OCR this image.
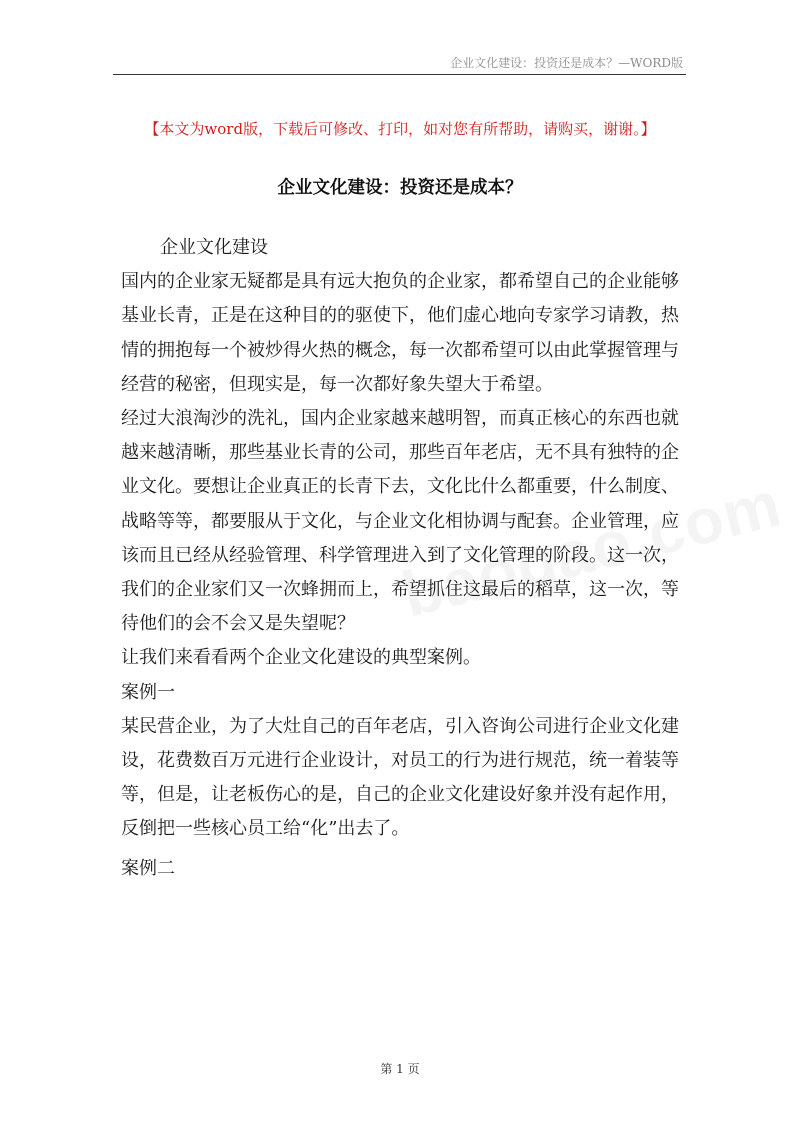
企业文化建设：投资还是成本？—WORD版
【本文为word版，下载后可修改、打印，如对您有所帮助，请购买，谢谢。】
企业文化建设：投资还是成本？

企业文化建设

国内的企业家无疑都是具有远大抱负的企业家，都希望自己的企业能够基业长青，正是在这种目的的驱使下，他们虚心地向专家学习请教，热情的拥抱每一个被炒得火热的概念，每一次都希望可以由此掌握管理与经营的秘密，但现实是，每一次都好象失望大于希望。

经过大浪淘沙的洗礼，国内企业家越来越明智，而真正核心的东西也就越来越清晰，那些基业长青的公司，那些百年老店，无不具有独特的企业文化。要想让企业真正的长青下去，文化比什么都重要，什么制度、战略等等，都要服从于文化，与企业文化相协调与配套。企业管理，应该而且已经从经验管理、科学管理进入到了文化管理的阶段。这一次，我们的企业家们又一次蜂拥而上，希望抓住这最后的稻草，这一次，等待他们的会不会又是失望呢？

让我们来看看两个企业文化建设的典型案例。

案例一

某民营企业，为了大灶自己的百年老店，引入咨询公司进行企业文化建设，花费数百万元进行企业设计，对员工的行为进行规范，统一着装等等，但是，让老板伤心的是，自己的企业文化建设好象并没有起作用，反倒把一些核心员工给“化”出去了。

案例二

第 1 页
